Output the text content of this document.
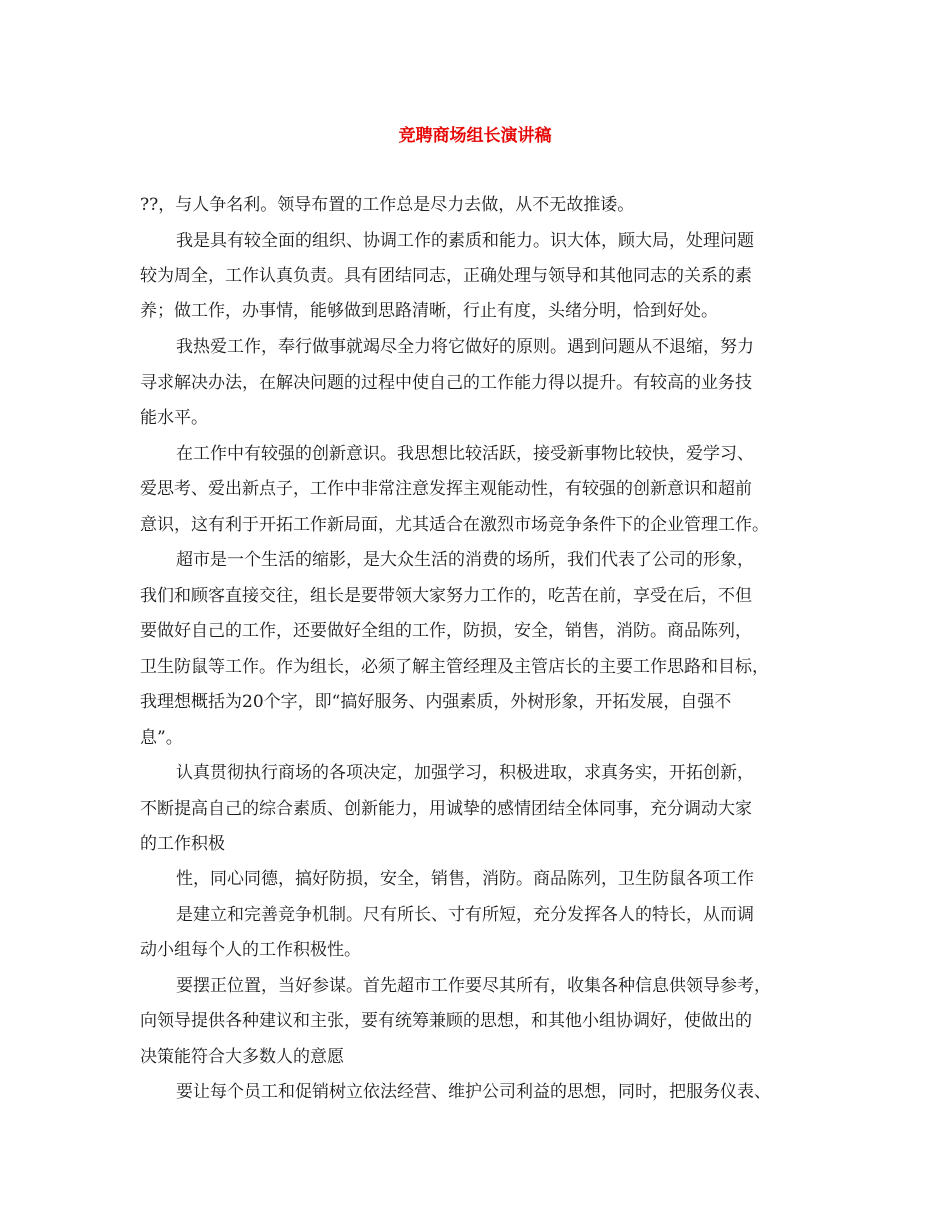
竞聘商场组长演讲稿

??，与人争名利。领导布置的工作总是尽力去做，从不无故推诿。

我是具有较全面的组织、协调工作的素质和能力。识大体，顾大局，处理问题

较为周全，工作认真负责。具有团结同志，正确处理与领导和其他同志的关系的素

养；做工作，办事情，能够做到思路清晰，行止有度，头绪分明，恰到好处。

我热爱工作，奉行做事就竭尽全力将它做好的原则。遇到问题从不退缩，努力

寻求解决办法，在解决问题的过程中使自己的工作能力得以提升。有较高的业务技

能水平。

在工作中有较强的创新意识。我思想比较活跃，接受新事物比较快，爱学习、

爱思考、爱出新点子，工作中非常注意发挥主观能动性，有较强的创新意识和超前

意识，这有利于开拓工作新局面，尤其适合在激烈市场竞争条件下的企业管理工作。

超市是一个生活的缩影，是大众生活的消费的场所，我们代表了公司的形象，

我们和顾客直接交往，组长是要带领大家努力工作的，吃苦在前，享受在后，不但

要做好自己的工作，还要做好全组的工作，防损，安全，销售，消防。商品陈列，

卫生防鼠等工作。作为组长，必须了解主管经理及主管店长的主要工作思路和目标，

我理想概括为20个字，即“搞好服务、内强素质，外树形象，开拓发展，自强不

息”。

认真贯彻执行商场的各项决定，加强学习，积极进取，求真务实，开拓创新，

不断提高自己的综合素质、创新能力，用诚挚的感情团结全体同事，充分调动大家

的工作积极

性，同心同德，搞好防损，安全，销售，消防。商品陈列，卫生防鼠各项工作

是建立和完善竞争机制。尺有所长、寸有所短，充分发挥各人的特长，从而调

动小组每个人的工作积极性。

要摆正位置，当好参谋。首先超市工作要尽其所有，收集各种信息供领导参考，

向领导提供各种建议和主张，要有统筹兼顾的思想，和其他小组协调好，使做出的

决策能符合大多数人的意愿

要让每个员工和促销树立依法经营、维护公司利益的思想，同时，把服务仪表、
